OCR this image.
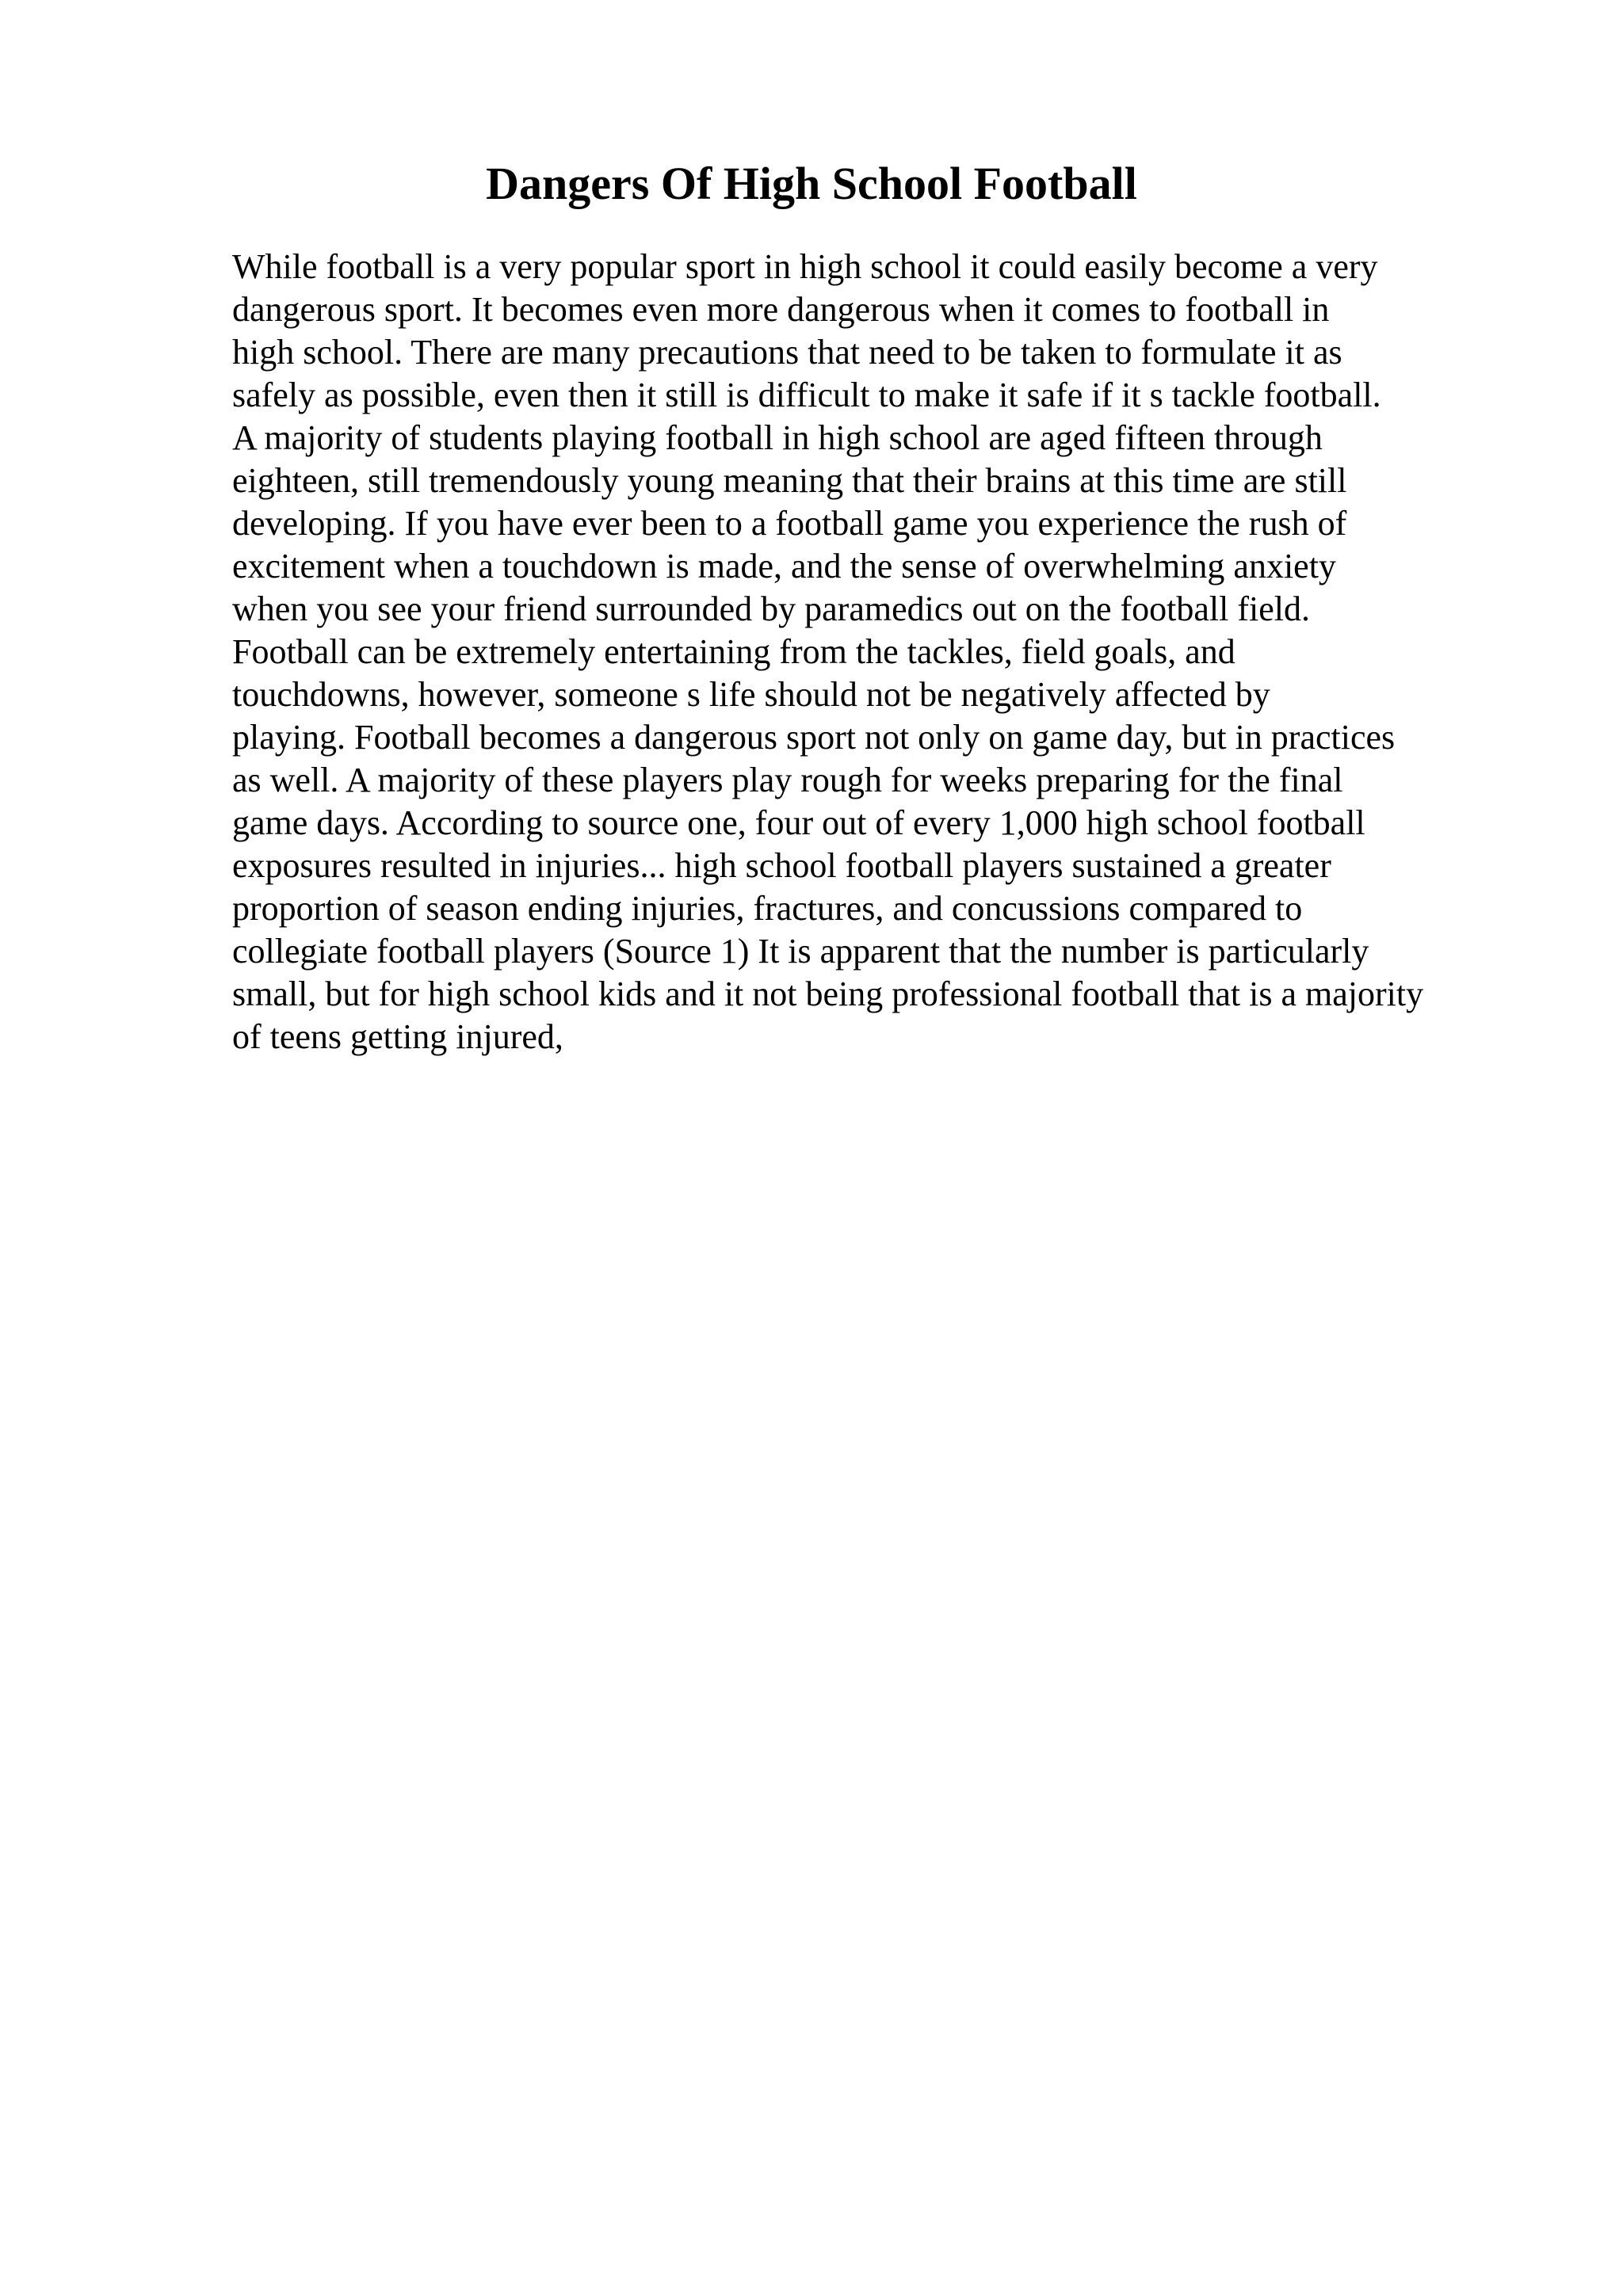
Dangers Of High School Football
While football is a very popular sport in high school it could easily become a very
dangerous sport. It becomes even more dangerous when it comes to football in
high school. There are many precautions that need to be taken to formulate it as
safely as possible, even then it still is difficult to make it safe if it s tackle football.
A majority of students playing football in high school are aged fifteen through
eighteen, still tremendously young meaning that their brains at this time are still
developing. If you have ever been to a football game you experience the rush of
excitement when a touchdown is made, and the sense of overwhelming anxiety
when you see your friend surrounded by paramedics out on the football field.
Football can be extremely entertaining from the tackles, field goals, and
touchdowns, however, someone s life should not be negatively affected by
playing. Football becomes a dangerous sport not only on game day, but in practices
as well. A majority of these players play rough for weeks preparing for the final
game days. According to source one, four out of every 1,000 high school football
exposures resulted in injuries... high school football players sustained a greater
proportion of season ending injuries, fractures, and concussions compared to
collegiate football players (Source 1) It is apparent that the number is particularly
small, but for high school kids and it not being professional football that is a majority
of teens getting injured,
